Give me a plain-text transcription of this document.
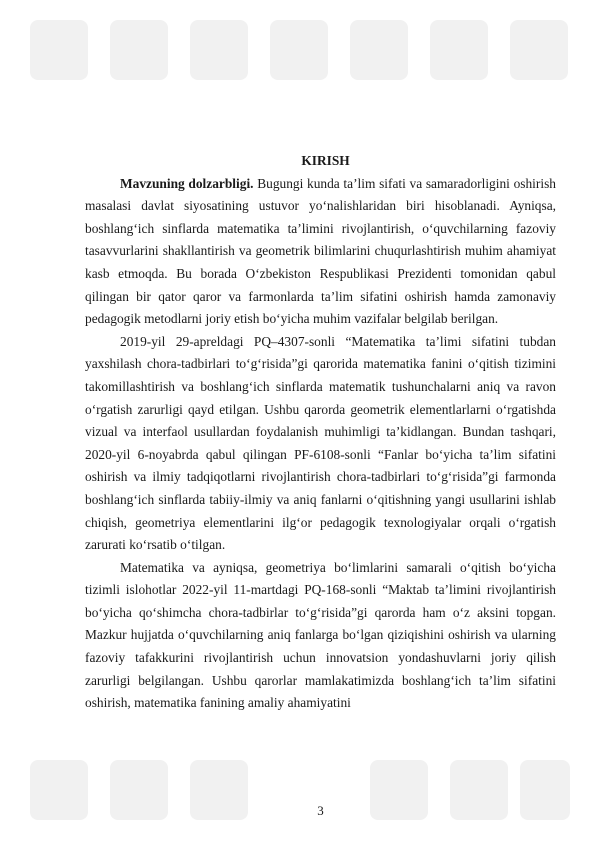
KIRISH

Mavzuning dolzarbligi. Bugungi kunda ta’lim sifati va samaradorligini oshirish masalasi davlat siyosatining ustuvor yo‘nalishlaridan biri hisoblanadi. Ayniqsa, boshlang‘ich sinflarda matematika ta’limini rivojlantirish, o‘quvchilarning fazoviy tasavvurlarini shakllantirish va geometrik bilimlarini chuqurlashtirish muhim ahamiyat kasb etmoqda. Bu borada O‘zbekiston Respublikasi Prezidenti tomonidan qabul qilingan bir qator qaror va farmonlarda ta’lim sifatini oshirish hamda zamonaviy pedagogik metodlarni joriy etish bo‘yicha muhim vazifalar belgilab berilgan.

2019-yil 29-apreldagi PQ–4307-sonli “Matematika ta’limi sifatini tubdan yaxshilash chora-tadbirlari to‘g‘risida”gi qarorida matematika fanini o‘qitish tizimini takomillashtirish va boshlang‘ich sinflarda matematik tushunchalarni aniq va ravon o‘rgatish zarurligi qayd etilgan. Ushbu qarorda geometrik elementlarlarni o‘rgatishda vizual va interfaol usullardan foydalanish muhimligi ta’kidlangan. Bundan tashqari, 2020-yil 6-noyabrda qabul qilingan PF-6108-sonli “Fanlar bo‘yicha ta’lim sifatini oshirish va ilmiy tadqiqotlarni rivojlantirish chora-tadbirlari to‘g‘risida”gi farmonda boshlang‘ich sinflarda tabiiy-ilmiy va aniq fanlarni o‘qitishning yangi usullarini ishlab chiqish, geometriya elementlarini ilg‘or pedagogik texnologiyalar orqali o‘rgatish zarurati ko‘rsatib o‘tilgan.

Matematika va ayniqsa, geometriya bo‘limlarini samarali o‘qitish bo‘yicha tizimli islohotlar 2022-yil 11-martdagi PQ-168-sonli “Maktab ta’limini rivojlantirish bo‘yicha qo‘shimcha chora-tadbirlar to‘g‘risida”gi qarorda ham o‘z aksini topgan. Mazkur hujjatda o‘quvchilarning aniq fanlarga bo‘lgan qiziqishini oshirish va ularning fazoviy tafakkurini rivojlantirish uchun innovatsion yondashuvlarni joriy qilish zarurligi belgilangan. Ushbu qarorlar mamlakatimizda boshlang‘ich ta’lim sifatini oshirish, matematika fanining amaliy ahamiyatini

3
